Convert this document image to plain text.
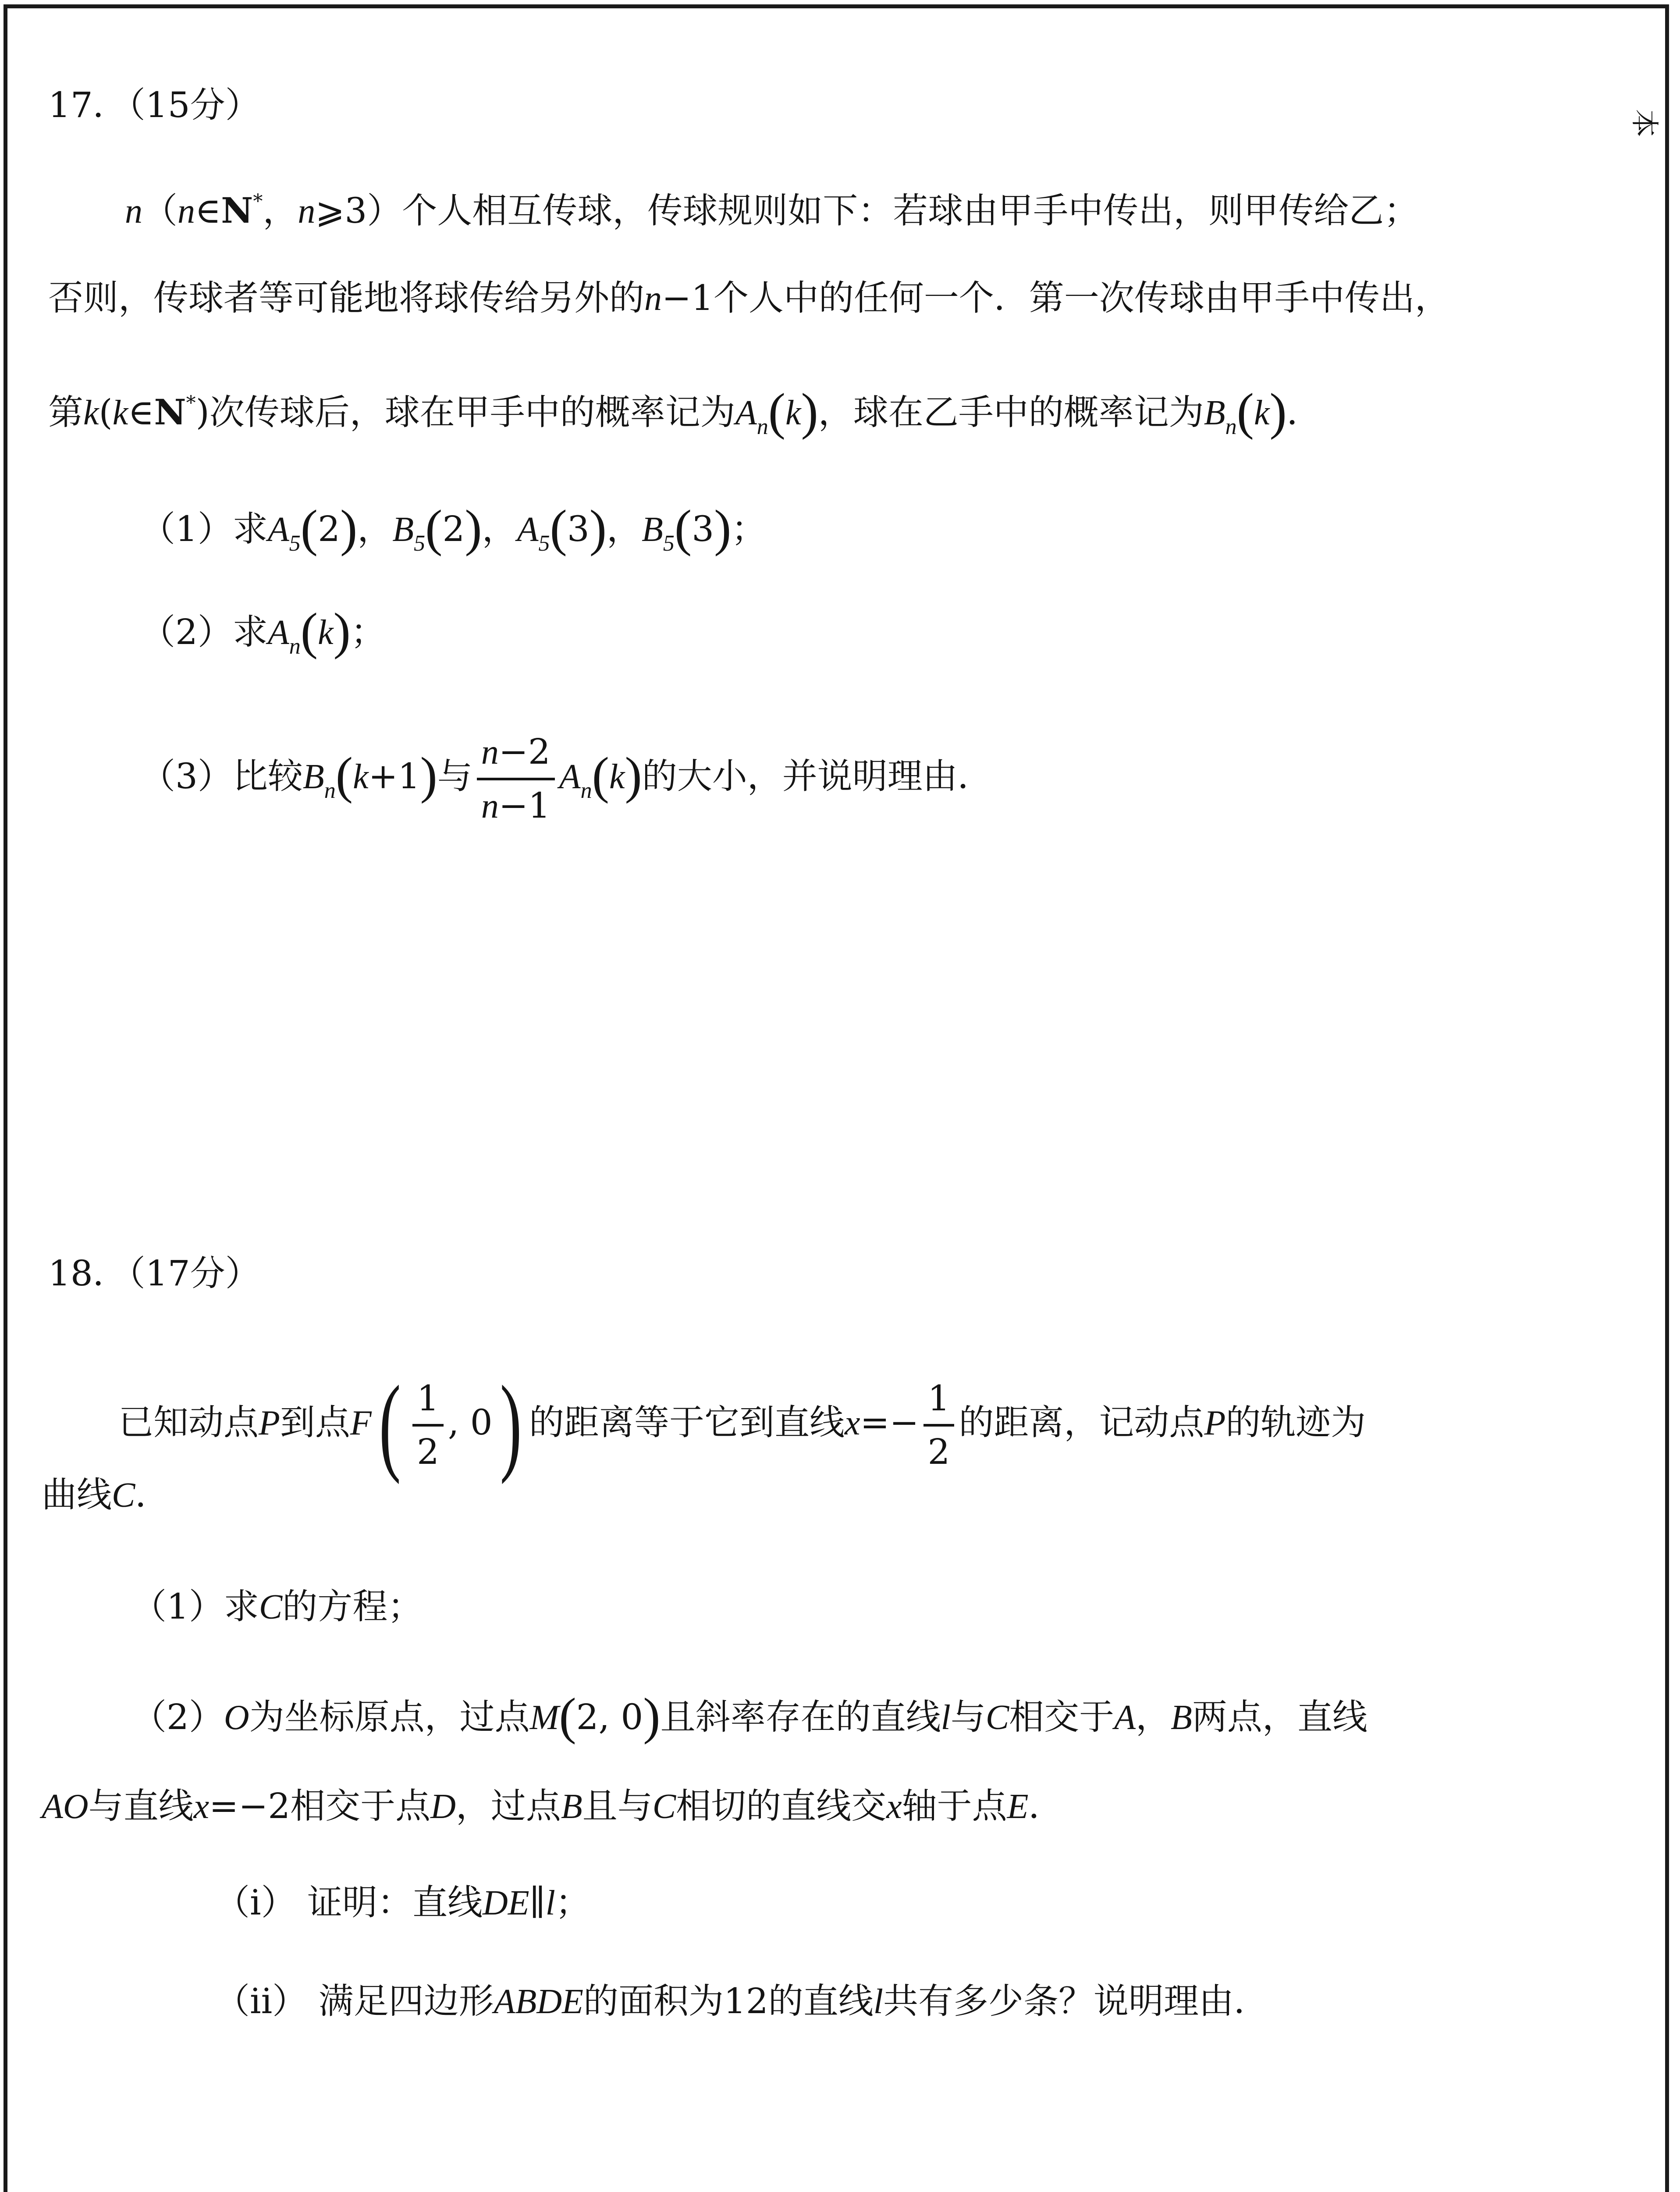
本
17．（15分）
n（n∈N*，n⩾3）个人相互传球，传球规则如下：若球由甲手中传出，则甲传给乙；
否则，传球者等可能地将球传给另外的n−1个人中的任何一个．第一次传球由甲手中传出，
第k(k∈N*)次传球后，球在甲手中的概率记为$A_n(k)$，球在乙手中的概率记为$B_n(k)$．
（1）求$A_5(2)$，$B_5(2)$，$A_5(3)$，$B_5(3)$；
（2）求$A_n(k)$；
（3）比较$B_n(k+1)$与 $\frac{n-2}{n-1} A_n(k)$的大小，并说明理由．
18．（17分）
已知动点P到点$F( \frac{1}{2}$ , 0) 的距离等于它到直线$x=- \frac{1}{2}$ 的距离，记动点P的轨迹为
曲线C．
（1）求C的方程；
（2）O为坐标原点，过点M(2, 0)且斜率存在的直线l与C相交于A，B两点，直线
AO与直线x=−2相交于点D，过点B且与C相切的直线交x轴于点E．
（i） 证明：直线DE∥l；
（ii） 满足四边形ABDE的面积为12的直线l共有多少条？说明理由．
